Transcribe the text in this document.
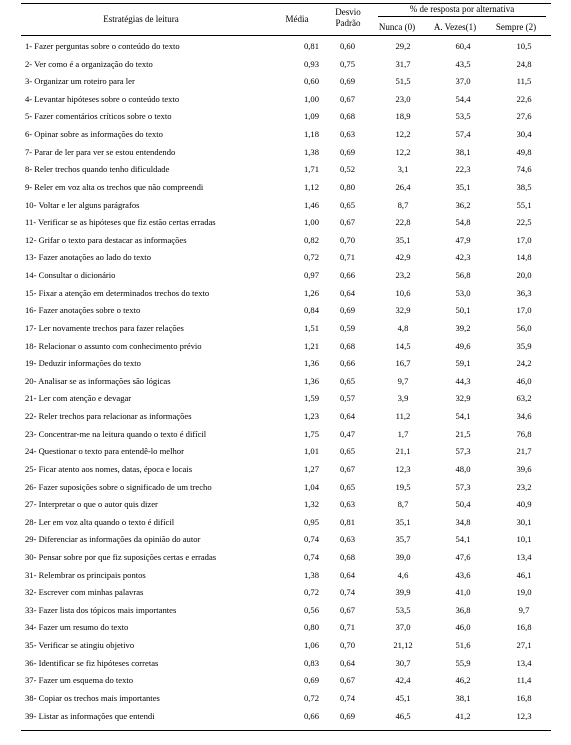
Estratégias de leitura	Média
Desvio
Padrão
% de resposta por alternativa
Nunca (0)	A. Vezes(1)	Sempre (2)
1- Fazer perguntas sobre o conteúdo do texto	0,81	0,60	29,2	60,4	10,5
2- Ver como é a organização do texto	0,93	0,75	31,7	43,5	24,8
3- Organizar um roteiro para ler	0,60	0,69	51,5	37,0	11,5
4- Levantar hipóteses sobre o conteúdo texto	1,00	0,67	23,0	54,4	22,6
5- Fazer comentários críticos sobre o texto	1,09	0,68	18,9	53,5	27,6
6- Opinar sobre as informações do texto	1,18	0,63	12,2	57,4	30,4
7- Parar de ler para ver se estou entendendo	1,38	0,69	12,2	38,1	49,8
8- Reler trechos quando tenho dificuldade	1,71	0,52	3,1	22,3	74,6
9- Reler em voz alta os trechos que não compreendi	1,12	0,80	26,4	35,1	38,5
10- Voltar e ler alguns parágrafos	1,46	0,65	8,7	36,2	55,1
11- Verificar se as hipóteses que fiz estão certas erradas	1,00	0,67	22,8	54,8	22,5
12- Grifar o texto para destacar as informações	0,82	0,70	35,1	47,9	17,0
13- Fazer anotações ao lado do texto	0,72	0,71	42,9	42,3	14,8
14- Consultar o dicionário	0,97	0,66	23,2	56,8	20,0
15- Fixar a atenção em determinados trechos do texto	1,26	0,64	10,6	53,0	36,3
16- Fazer anotações sobre o texto	0,84	0,69	32,9	50,1	17,0
17- Ler novamente trechos para fazer relações	1,51	0,59	4,8	39,2	56,0
18- Relacionar o assunto com conhecimento prévio	1,21	0,68	14,5	49,6	35,9
19- Deduzir informações do texto	1,36	0,66	16,7	59,1	24,2
20- Analisar se as informações são lógicas	1,36	0,65	9,7	44,3	46,0
21- Ler com atenção e devagar	1,59	0,57	3,9	32,9	63,2
22- Reler trechos para relacionar as informações	1,23	0,64	11,2	54,1	34,6
23- Concentrar-me na leitura quando o texto é difícil	1,75	0,47	1,7	21,5	76,8
24- Questionar o texto para entendê-lo melhor	1,01	0,65	21,1	57,3	21,7
25- Ficar atento aos nomes, datas, época e locais	1,27	0,67	12,3	48,0	39,6
26- Fazer suposições sobre o significado de um trecho	1,04	0,65	19,5	57,3	23,2
27- Interpretar o que o autor quis dizer	1,32	0,63	8,7	50,4	40,9
28- Ler em voz alta quando o texto é difícil	0,95	0,81	35,1	34,8	30,1
29- Diferenciar as informações da opinião do autor	0,74	0,63	35,7	54,1	10,1
30- Pensar sobre por que fiz suposições certas e erradas	0,74	0,68	39,0	47,6	13,4
31- Relembrar os principais pontos	1,38	0,64	4,6	43,6	46,1
32- Escrever com minhas palavras	0,72	0,74	39,9	41,0	19,0
33- Fazer lista dos tópicos mais importantes	0,56	0,67	53,5	36,8	9,7
34- Fazer um resumo do texto	0,80	0,71	37,0	46,0	16,8
35- Verificar se atingiu objetivo	1,06	0,70	21,12	51,6	27,1
36- Identificar se fiz hipóteses corretas	0,83	0,64	30,7	55,9	13,4
37- Fazer um esquema do texto	0,69	0,67	42,4	46,2	11,4
38- Copiar os trechos mais importantes	0,72	0,74	45,1	38,1	16,8
39- Listar as informações que entendi	0,66	0,69	46,5	41,2	12,3
